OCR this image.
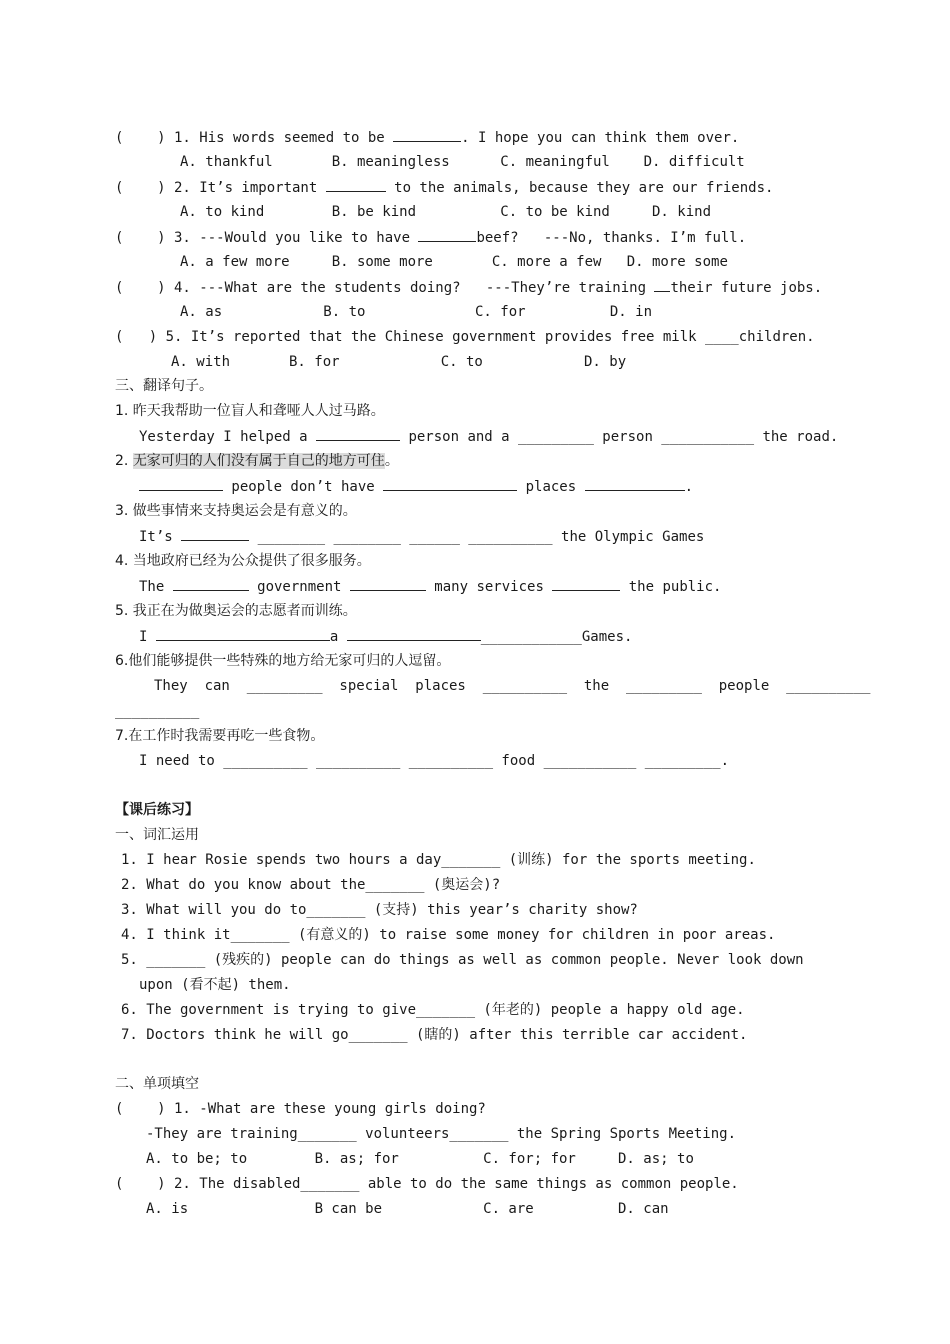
(    ) 1. His words seemed to be	. I hope you can think them over.
A. thankful       B. meaningless      C. meaningful    D. difficult
(    ) 2. It’s important	to the animals, because they are our friends.
A. to kind        B. be kind          C. to be kind     D. kind
(    ) 3. ---Would you like to have	beef?   ---No, thanks. I’m full.
A. a few more     B. some more       C. more a few   D. more some
(    ) 4. ---What are the students doing?   ---They’re training their future jobs.
A. as            B. to             C. for          D. in
(   ) 5. It’s reported that the Chinese government provides free milk ____children.
A. with       B. for            C. to            D. by
三、翻译句子。
1. 昨天我帮助一位盲人和聋哑人人过马路。
Yesterday I helped a	person and a _________ person ___________ the road.
2. 无家可归的人们没有属于自己的地方可住。
people don’t have	places	.
3. 做些事情来支持奥运会是有意义的。
It’s	________ ________ ______ __________ the Olympic Games
4. 当地政府已经为公众提供了很多服务。
The	government	many services	the public.
5. 我正在为做奥运会的志愿者而训练。
I	a	____________Games.
6.他们能够提供一些特殊的地方给无家可归的人逗留。
They  can  _________  special  places  __________  the  _________  people  __________
__________
7.在工作时我需要再吃一些食物。
I need to __________ __________ __________ food ___________ _________.
【课后练习】
一、词汇运用
1. I hear Rosie spends two hours a day_______ (训练) for the sports meeting.
2. What do you know about the_______ (奥运会)?
3. What will you do to_______ (支持) this year’s charity show?
4. I think it_______ (有意义的) to raise some money for children in poor areas.
5. _______ (残疾的) people can do things as well as common people. Never look down
upon (看不起) them.
6. The government is trying to give_______ (年老的) people a happy old age.
7. Doctors think he will go_______ (瞎的) after this terrible car accident.
二、单项填空
(    ) 1. -What are these young girls doing?
-They are training_______ volunteers_______ the Spring Sports Meeting.
A. to be; to        B. as; for          C. for; for     D. as; to
(    ) 2. The disabled_______ able to do the same things as common people.
A. is               B can be            C. are          D. can
